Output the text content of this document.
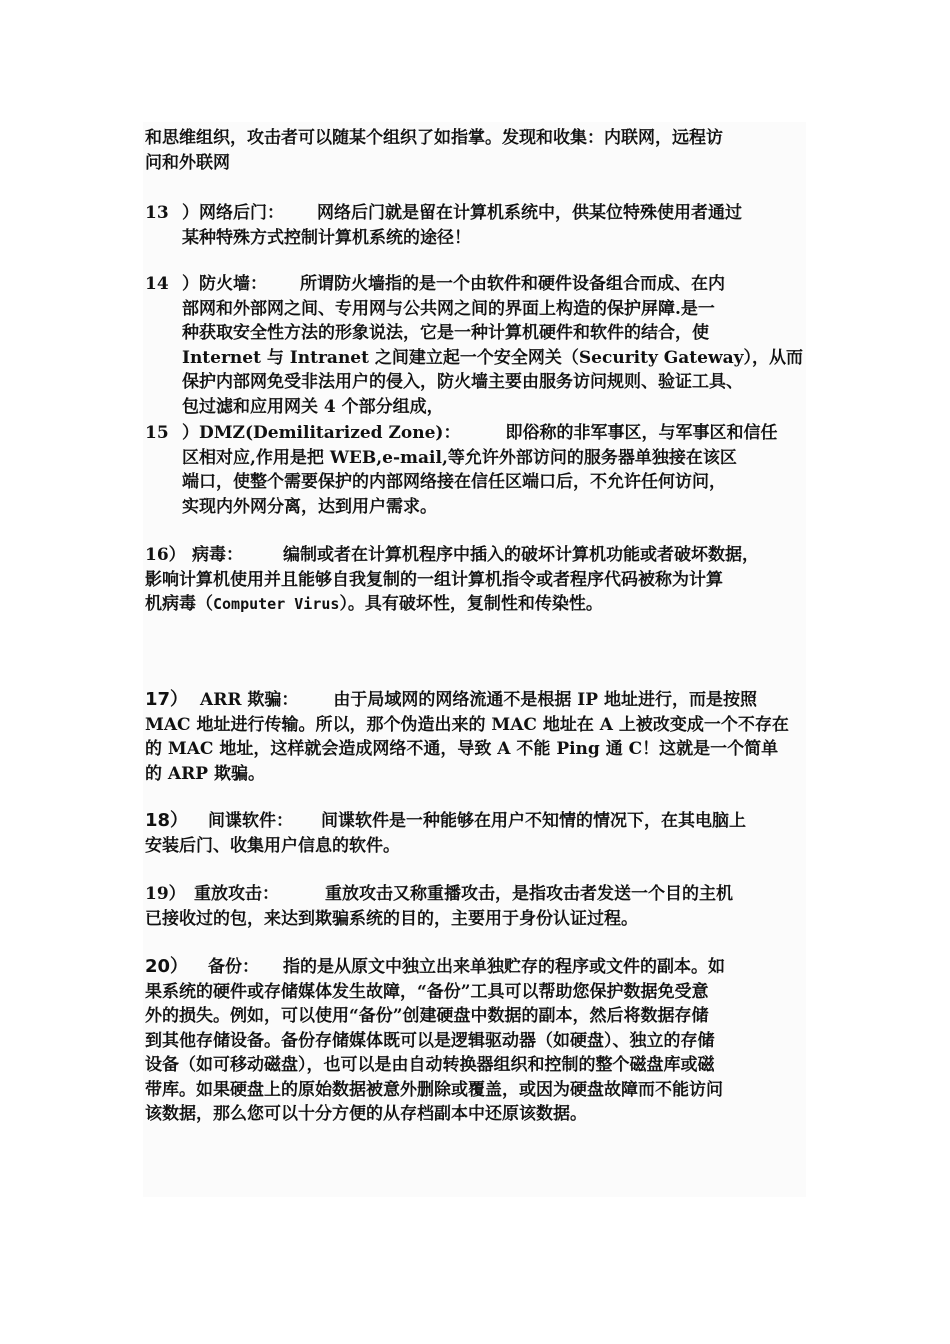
和思维组织，攻击者可以随某个组织了如指掌。发现和收集：内联网，远程访
问和外联网
13 ）网络后门： 网络后门就是留在计算机系统中，供某位特殊使用者通过
某种特殊方式控制计算机系统的途径！
14 ）防火墙： 所谓防火墙指的是一个由软件和硬件设备组合而成、在内
部网和外部网之间、专用网与公共网之间的界面上构造的保护屏障.是一
种获取安全性方法的形象说法，它是一种计算机硬件和软件的结合，使
Internet 与 Intranet 之间建立起一个安全网关（Security Gateway），从而
保护内部网免受非法用户的侵入，防火墙主要由服务访问规则、验证工具、
包过滤和应用网关 4 个部分组成，
15 ）DMZ(Demilitarized Zone)：	即俗称的非军事区，与军事区和信任
区相对应,作用是把 WEB,e-mail,等允许外部访问的服务器单独接在该区
端口，使整个需要保护的内部网络接在信任区端口后，不允许任何访问，
实现内外网分离，达到用户需求。
16） 病毒： 编制或者在计算机程序中插入的破坏计算机功能或者破坏数据，
影响计算机使用并且能够自我复制的一组计算机指令或者程序代码被称为计算
机病毒（Computer Virus）。具有破坏性，复制性和传染性。
17） ARR 欺骗： 由于局域网的网络流通不是根据 IP 地址进行，而是按照
MAC 地址进行传输。所以，那个伪造出来的 MAC 地址在 A 上被改变成一个不存在
的 MAC 地址，这样就会造成网络不通，导致 A 不能 Ping 通 C！这就是一个简单
的 ARP 欺骗。
18） 间谍软件： 间谍软件是一种能够在用户不知情的情况下，在其电脑上
安装后门、收集用户信息的软件。
19） 重放攻击：	重放攻击又称重播攻击，是指攻击者发送一个目的主机
已接收过的包，来达到欺骗系统的目的，主要用于身份认证过程。
20） 备份： 指的是从原文中独立出来单独贮存的程序或文件的副本。如
果系统的硬件或存储媒体发生故障，“备份”工具可以帮助您保护数据免受意
外的损失。例如，可以使用“备份”创建硬盘中数据的副本，然后将数据存储
到其他存储设备。备份存储媒体既可以是逻辑驱动器（如硬盘）、独立的存储
设备（如可移动磁盘），也可以是由自动转换器组织和控制的整个磁盘库或磁
带库。如果硬盘上的原始数据被意外删除或覆盖，或因为硬盘故障而不能访问
该数据，那么您可以十分方便的从存档副本中还原该数据。
